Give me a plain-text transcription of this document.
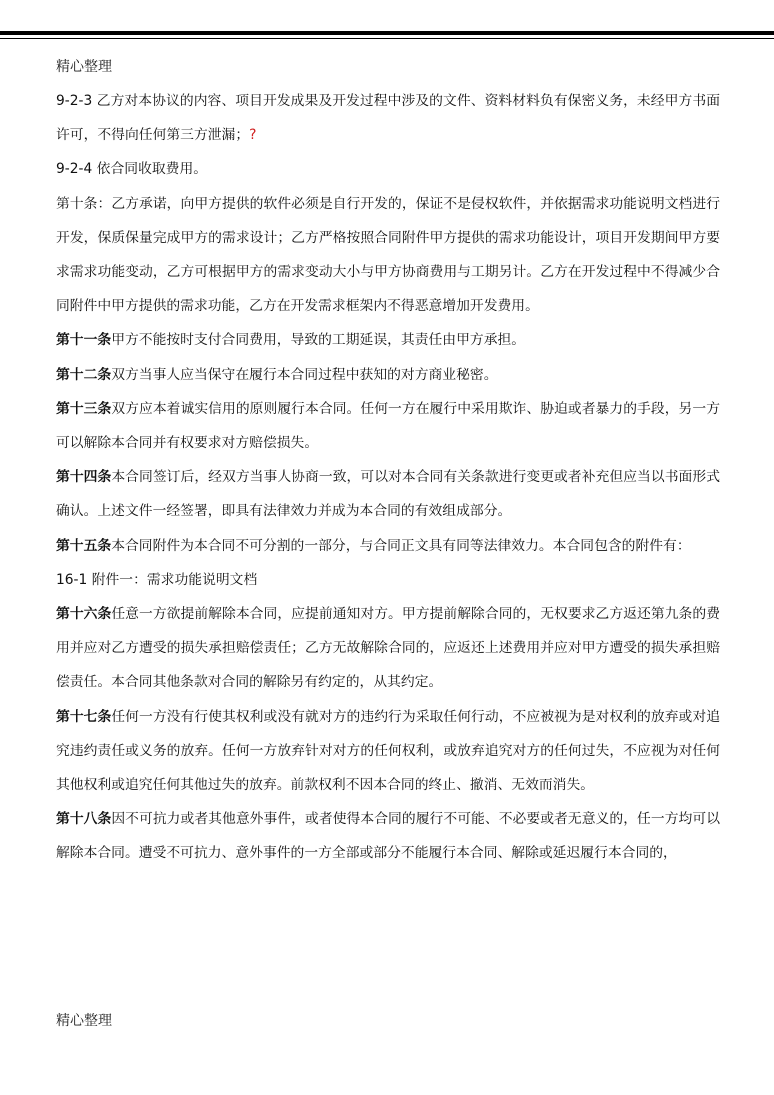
精心整理

9-2-3 乙方对本协议的内容、项目开发成果及开发过程中涉及的文件、资料材料负有保密义务，未经甲方书面许可，不得向任何第三方泄漏；?

9-2-4 依合同收取费用。

第十条：乙方承诺，向甲方提供的软件必须是自行开发的，保证不是侵权软件，并依据需求功能说明文档进行开发，保质保量完成甲方的需求设计；乙方严格按照合同附件甲方提供的需求功能设计，项目开发期间甲方要求需求功能变动，乙方可根据甲方的需求变动大小与甲方协商费用与工期另计。乙方在开发过程中不得减少合同附件中甲方提供的需求功能，乙方在开发需求框架内不得恶意增加开发费用。

第十一条甲方不能按时支付合同费用，导致的工期延误，其责任由甲方承担。

第十二条双方当事人应当保守在履行本合同过程中获知的对方商业秘密。

第十三条双方应本着诚实信用的原则履行本合同。任何一方在履行中采用欺诈、胁迫或者暴力的手段，另一方可以解除本合同并有权要求对方赔偿损失。

第十四条本合同签订后，经双方当事人协商一致，可以对本合同有关条款进行变更或者补充但应当以书面形式确认。上述文件一经签署，即具有法律效力并成为本合同的有效组成部分。

第十五条本合同附件为本合同不可分割的一部分，与合同正文具有同等法律效力。本合同包含的附件有：

16-1 附件一：需求功能说明文档

第十六条任意一方欲提前解除本合同，应提前通知对方。甲方提前解除合同的，无权要求乙方返还第九条的费用并应对乙方遭受的损失承担赔偿责任；乙方无故解除合同的，应返还上述费用并应对甲方遭受的损失承担赔偿责任。本合同其他条款对合同的解除另有约定的，从其约定。

第十七条任何一方没有行使其权利或没有就对方的违约行为采取任何行动，不应被视为是对权利的放弃或对追究违约责任或义务的放弃。任何一方放弃针对对方的任何权利，或放弃追究对方的任何过失，不应视为对任何其他权利或追究任何其他过失的放弃。前款权利不因本合同的终止、撤消、无效而消失。

第十八条因不可抗力或者其他意外事件，或者使得本合同的履行不可能、不必要或者无意义的，任一方均可以解除本合同。遭受不可抗力、意外事件的一方全部或部分不能履行本合同、解除或延迟履行本合同的，

精心整理
